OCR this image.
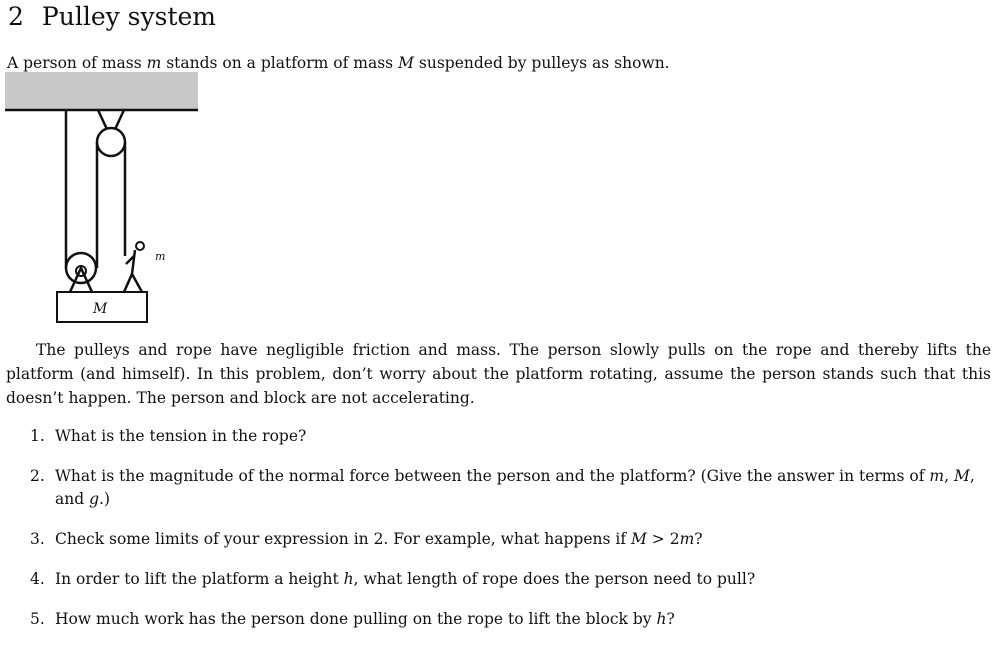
2 Pulley system
A person of mass m stands on a platform of mass M suspended by pulleys as shown.
M
m

The pulleys and rope have negligible friction and mass. The person slowly pulls on the rope and thereby lifts the platform (and himself). In this problem, don’t worry about the platform rotating, assume the person stands such that this doesn’t happen. The person and block are not accelerating.

1. What is the tension in the rope?
2. What is the magnitude of the normal force between the person and the platform? (Give the answer in terms of m, M, and g.)
3. Check some limits of your expression in 2. For example, what happens if M > 2m?
4. In order to lift the platform a height h, what length of rope does the person need to pull?
5. How much work has the person done pulling on the rope to lift the block by h?
